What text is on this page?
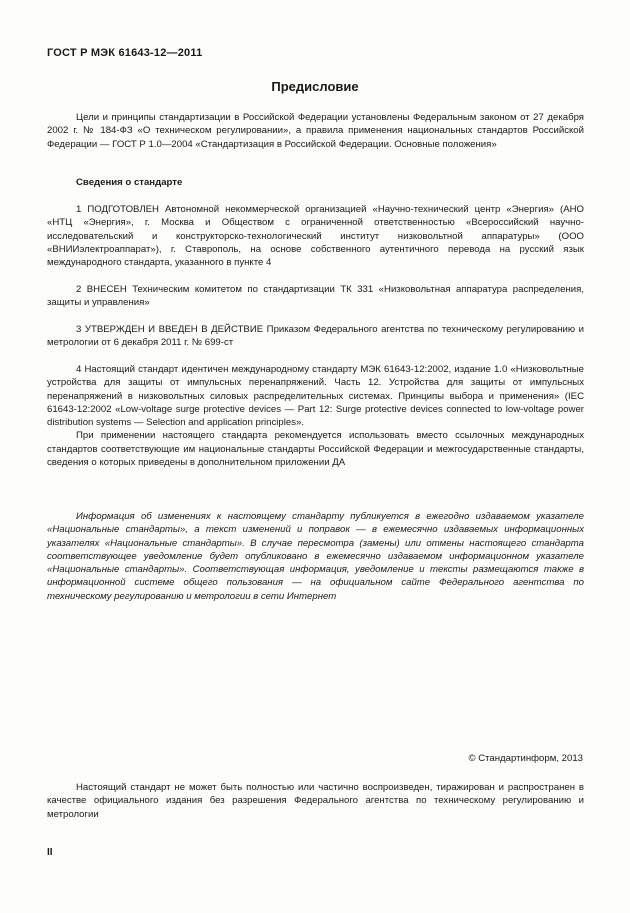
ГОСТ Р МЭК 61643-12—2011
Предисловие

Цели и принципы стандартизации в Российской Федерации установлены Федеральным законом от 27 декабря 2002 г. № 184-ФЗ «О техническом регулировании», а правила применения национальных стандартов Российской Федерации — ГОСТ Р 1.0—2004 «Стандартизация в Российской Федерации. Основные положения»

Сведения о стандарте

1 ПОДГОТОВЛЕН Автономной некоммерческой организацией «Научно-технический центр «Энергия» (АНО «НТЦ «Энергия», г. Москва и Обществом с ограниченной ответственностью «Всероссийский научно-исследовательский и конструкторско-технологический институт низковольтной аппаратуры» (ООО «ВНИИэлектроаппарат»), г. Ставрополь, на основе собственного аутентичного перевода на русский язык международного стандарта, указанного в пункте 4

2 ВНЕСЕН Техническим комитетом по стандартизации ТК 331 «Низковольтная аппаратура распределения, защиты и управления»

3 УТВЕРЖДЕН И ВВЕДЕН В ДЕЙСТВИЕ Приказом Федерального агентства по техническому регулированию и метрологии от 6 декабря 2011 г. № 699-ст

4 Настоящий стандарт идентичен международному стандарту МЭК 61643-12:2002, издание 1.0 «Низковольтные устройства для защиты от импульсных перенапряжений. Часть 12. Устройства для защиты от импульсных перенапряжений в низковольтных силовых распределительных системах. Принципы выбора и применения» (IEC 61643-12:2002 «Low-voltage surge protective devices — Part 12: Surge protective devices connected to low-voltage power distribution systems — Selection and application principles».

При применении настоящего стандарта рекомендуется использовать вместо ссылочных международных стандартов соответствующие им национальные стандарты Российской Федерации и межгосударственные стандарты, сведения о которых приведены в дополнительном приложении ДА

Информация об изменениях к настоящему стандарту публикуется в ежегодно издаваемом указателе «Национальные стандарты», а текст изменений и поправок — в ежемесячно издаваемых информационных указателях «Национальные стандарты». В случае пересмотра (замены) или отмены настоящего стандарта соответствующее уведомление будет опубликовано в ежемесячно издаваемом информационном указателе «Национальные стандарты». Соответствующая информация, уведомление и тексты размещаются также в информационной системе общего пользования — на официальном сайте Федерального агентства по техническому регулированию и метрологии в сети Интернет

© Стандартинформ, 2013

Настоящий стандарт не может быть полностью или частично воспроизведен, тиражирован и распространен в качестве официального издания без разрешения Федерального агентства по техническому регулированию и метрологии

II
